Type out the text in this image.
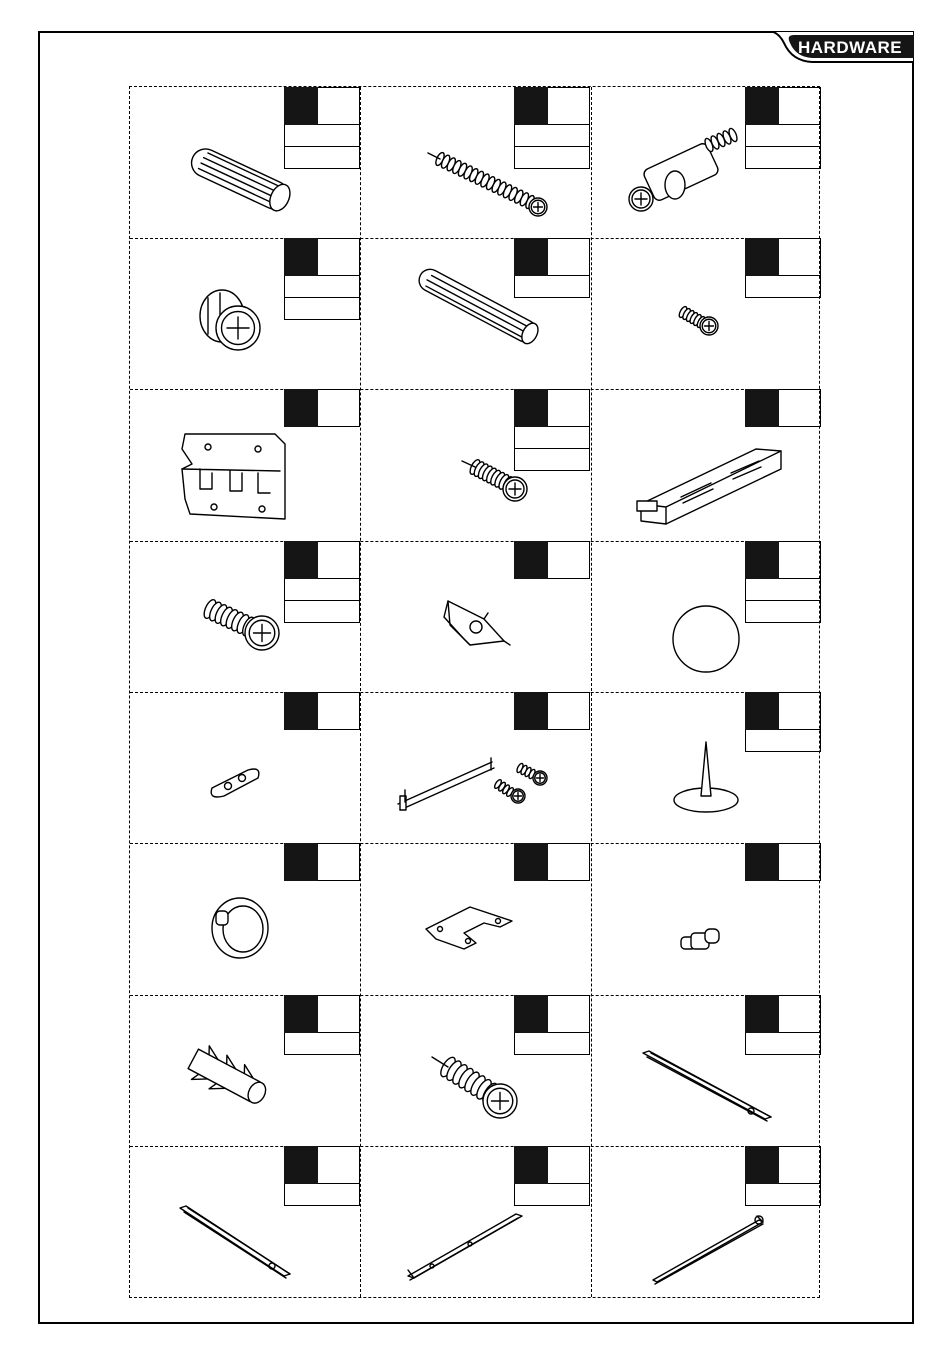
HARDWARE
